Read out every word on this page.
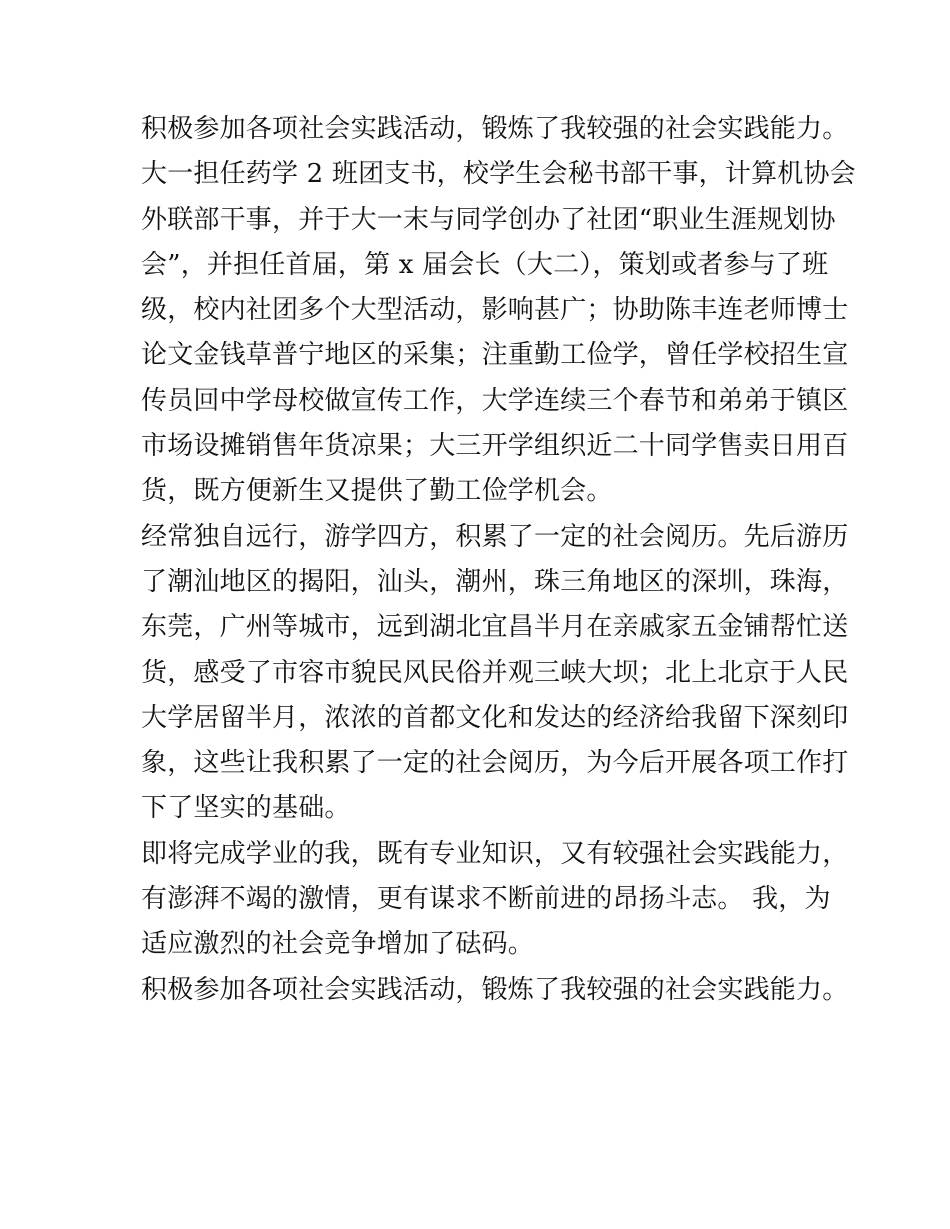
积极参加各项社会实践活动，锻炼了我较强的社会实践能力。
大一担任药学 2 班团支书，校学生会秘书部干事，计算机协会
外联部干事，并于大一末与同学创办了社团“职业生涯规划协
会”，并担任首届，第 x 届会长（大二），策划或者参与了班
级，校内社团多个大型活动，影响甚广；协助陈丰连老师博士
论文金钱草普宁地区的采集；注重勤工俭学，曾任学校招生宣
传员回中学母校做宣传工作，大学连续三个春节和弟弟于镇区
市场设摊销售年货凉果；大三开学组织近二十同学售卖日用百
货，既方便新生又提供了勤工俭学机会。
经常独自远行，游学四方，积累了一定的社会阅历。先后游历
了潮汕地区的揭阳，汕头，潮州，珠三角地区的深圳，珠海，
东莞，广州等城市，远到湖北宜昌半月在亲戚家五金铺帮忙送
货，感受了市容市貌民风民俗并观三峡大坝；北上北京于人民
大学居留半月，浓浓的首都文化和发达的经济给我留下深刻印
象，这些让我积累了一定的社会阅历，为今后开展各项工作打
下了坚实的基础。
即将完成学业的我，既有专业知识，又有较强社会实践能力，
有澎湃不竭的激情，更有谋求不断前进的昂扬斗志。 我，为
适应激烈的社会竞争增加了砝码。
积极参加各项社会实践活动，锻炼了我较强的社会实践能力。
